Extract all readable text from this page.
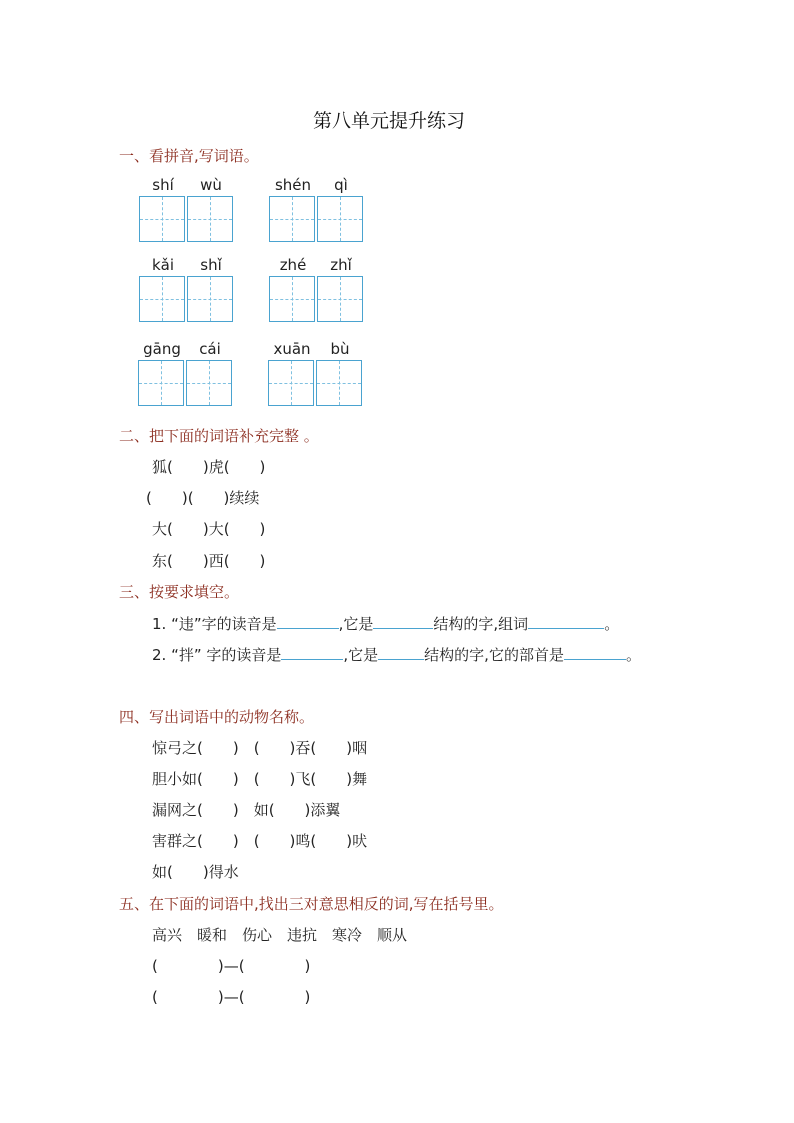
第八单元提升练习
一、看拼音,写词语。
shí	wù	shén	qì
kǎi	shǐ	zhé	zhǐ
gāng	cái	xuān	bù
二、把下面的词语补充完整 。
狐(　　)虎(　　)
(　　)(　　)续续
大(　　)大(　　)
东(　　)西(　　)
三、按要求填空。
1. “违”字的读音是	,它是	结构的字,组词	。
2. “拌” 字的读音是	,它是	结构的字,它的部首是	。
四、写出词语中的动物名称。
惊弓之(　　)　(　　)吞(　　)咽
胆小如(　　)　(　　)飞(　　)舞
漏网之(　　)　如(　　)添翼
害群之(　　)　(　　)鸣(　　)吠
如(　　)得水
五、在下面的词语中,找出三对意思相反的词,写在括号里。
高兴　暖和　伤心　违抗　寒冷　顺从
(　　　　)—(　　　　)
(　　　　)—(　　　　)
